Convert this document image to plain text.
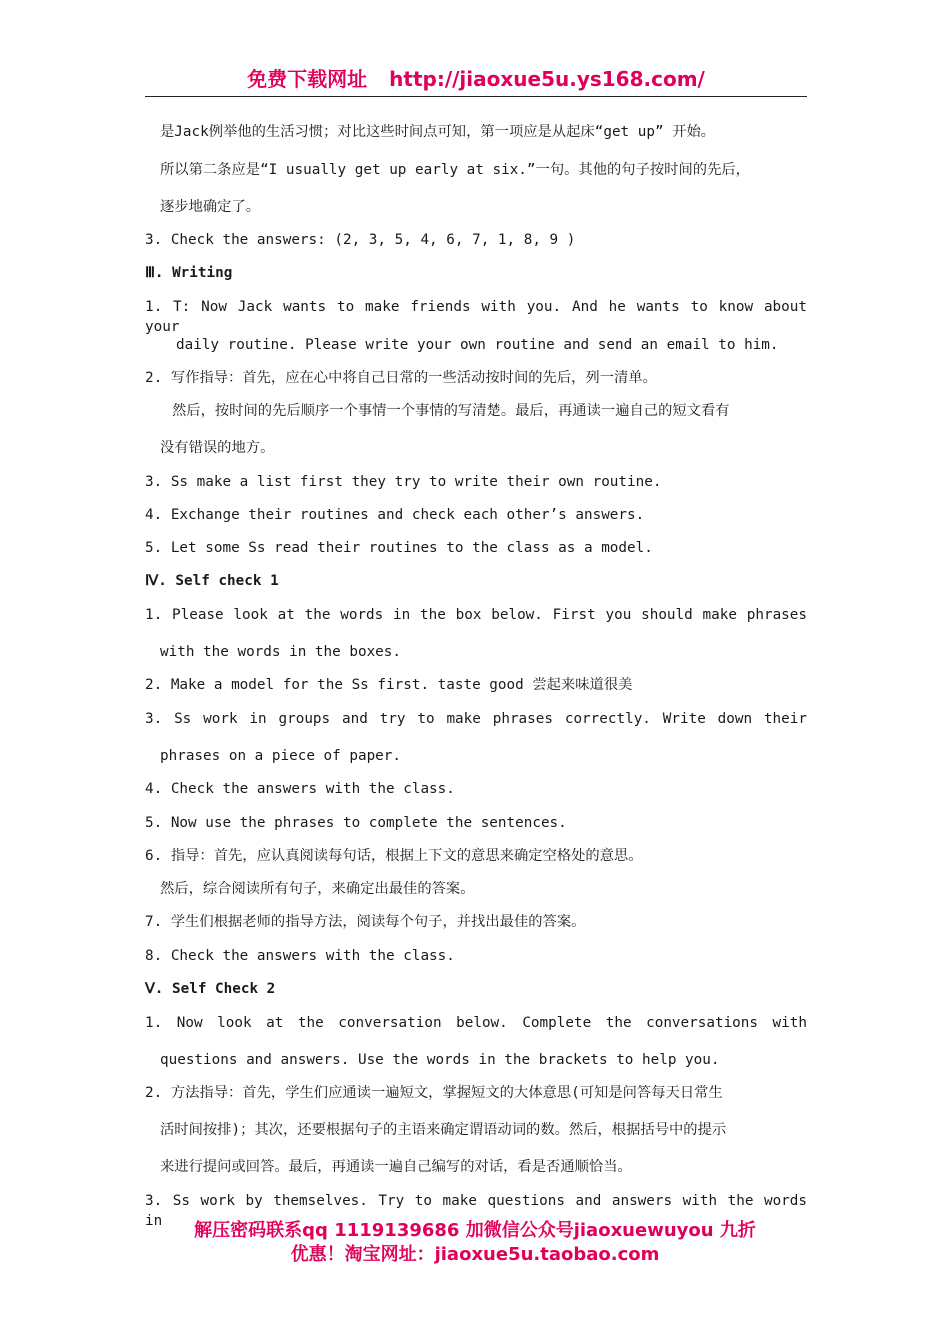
免费下载网址 http://jiaoxue5u.ys168.com/

是Jack例举他的生活习惯；对比这些时间点可知，第一项应是从起床“get up” 开始。

所以第二条应是“I usually get up early at six.”一句。其他的句子按时间的先后，

逐步地确定了。

3. Check the answers: (2, 3, 5, 4, 6, 7, 1, 8, 9 )

Ⅲ. Writing

1. T: Now Jack wants to make friends with you. And he wants to know about your

daily routine. Please write your own routine and send an email to him.

2. 写作指导：首先，应在心中将自己日常的一些活动按时间的先后，列一清单。

然后，按时间的先后顺序一个事情一个事情的写清楚。最后，再通读一遍自己的短文看有

没有错误的地方。

3. Ss make a list first they try to write their own routine.

4. Exchange their routines and check each other’s answers.

5. Let some Ss read their routines to the class as a model.

Ⅳ. Self check 1

1. Please look at the words in the box below. First you should make phrases

with the words in the boxes.

2. Make a model for the Ss first. taste good 尝起来味道很美

3. Ss work in groups and try to make phrases correctly. Write down their

phrases on a piece of paper.

4. Check the answers with the class.

5. Now use the phrases to complete the sentences.

6. 指导：首先，应认真阅读每句话，根据上下文的意思来确定空格处的意思。

然后，综合阅读所有句子，来确定出最佳的答案。

7. 学生们根据老师的指导方法，阅读每个句子，并找出最佳的答案。

8. Check the answers with the class.

Ⅴ. Self Check 2

1. Now look at the conversation below. Complete the conversations with

questions and answers. Use the words in the brackets to help you.

2. 方法指导：首先，学生们应通读一遍短文，掌握短文的大体意思(可知是问答每天日常生

活时间按排)；其次，还要根据句子的主语来确定谓语动词的数。然后，根据括号中的提示

来进行提问或回答。最后，再通读一遍自己编写的对话，看是否通顺恰当。

3. Ss work by themselves. Try to make questions and answers with the words in	解压密码联系qq 1119139686 加微信公众号jiaoxuewuyou 九折
优惠！淘宝网址：jiaoxue5u.taobao.com
